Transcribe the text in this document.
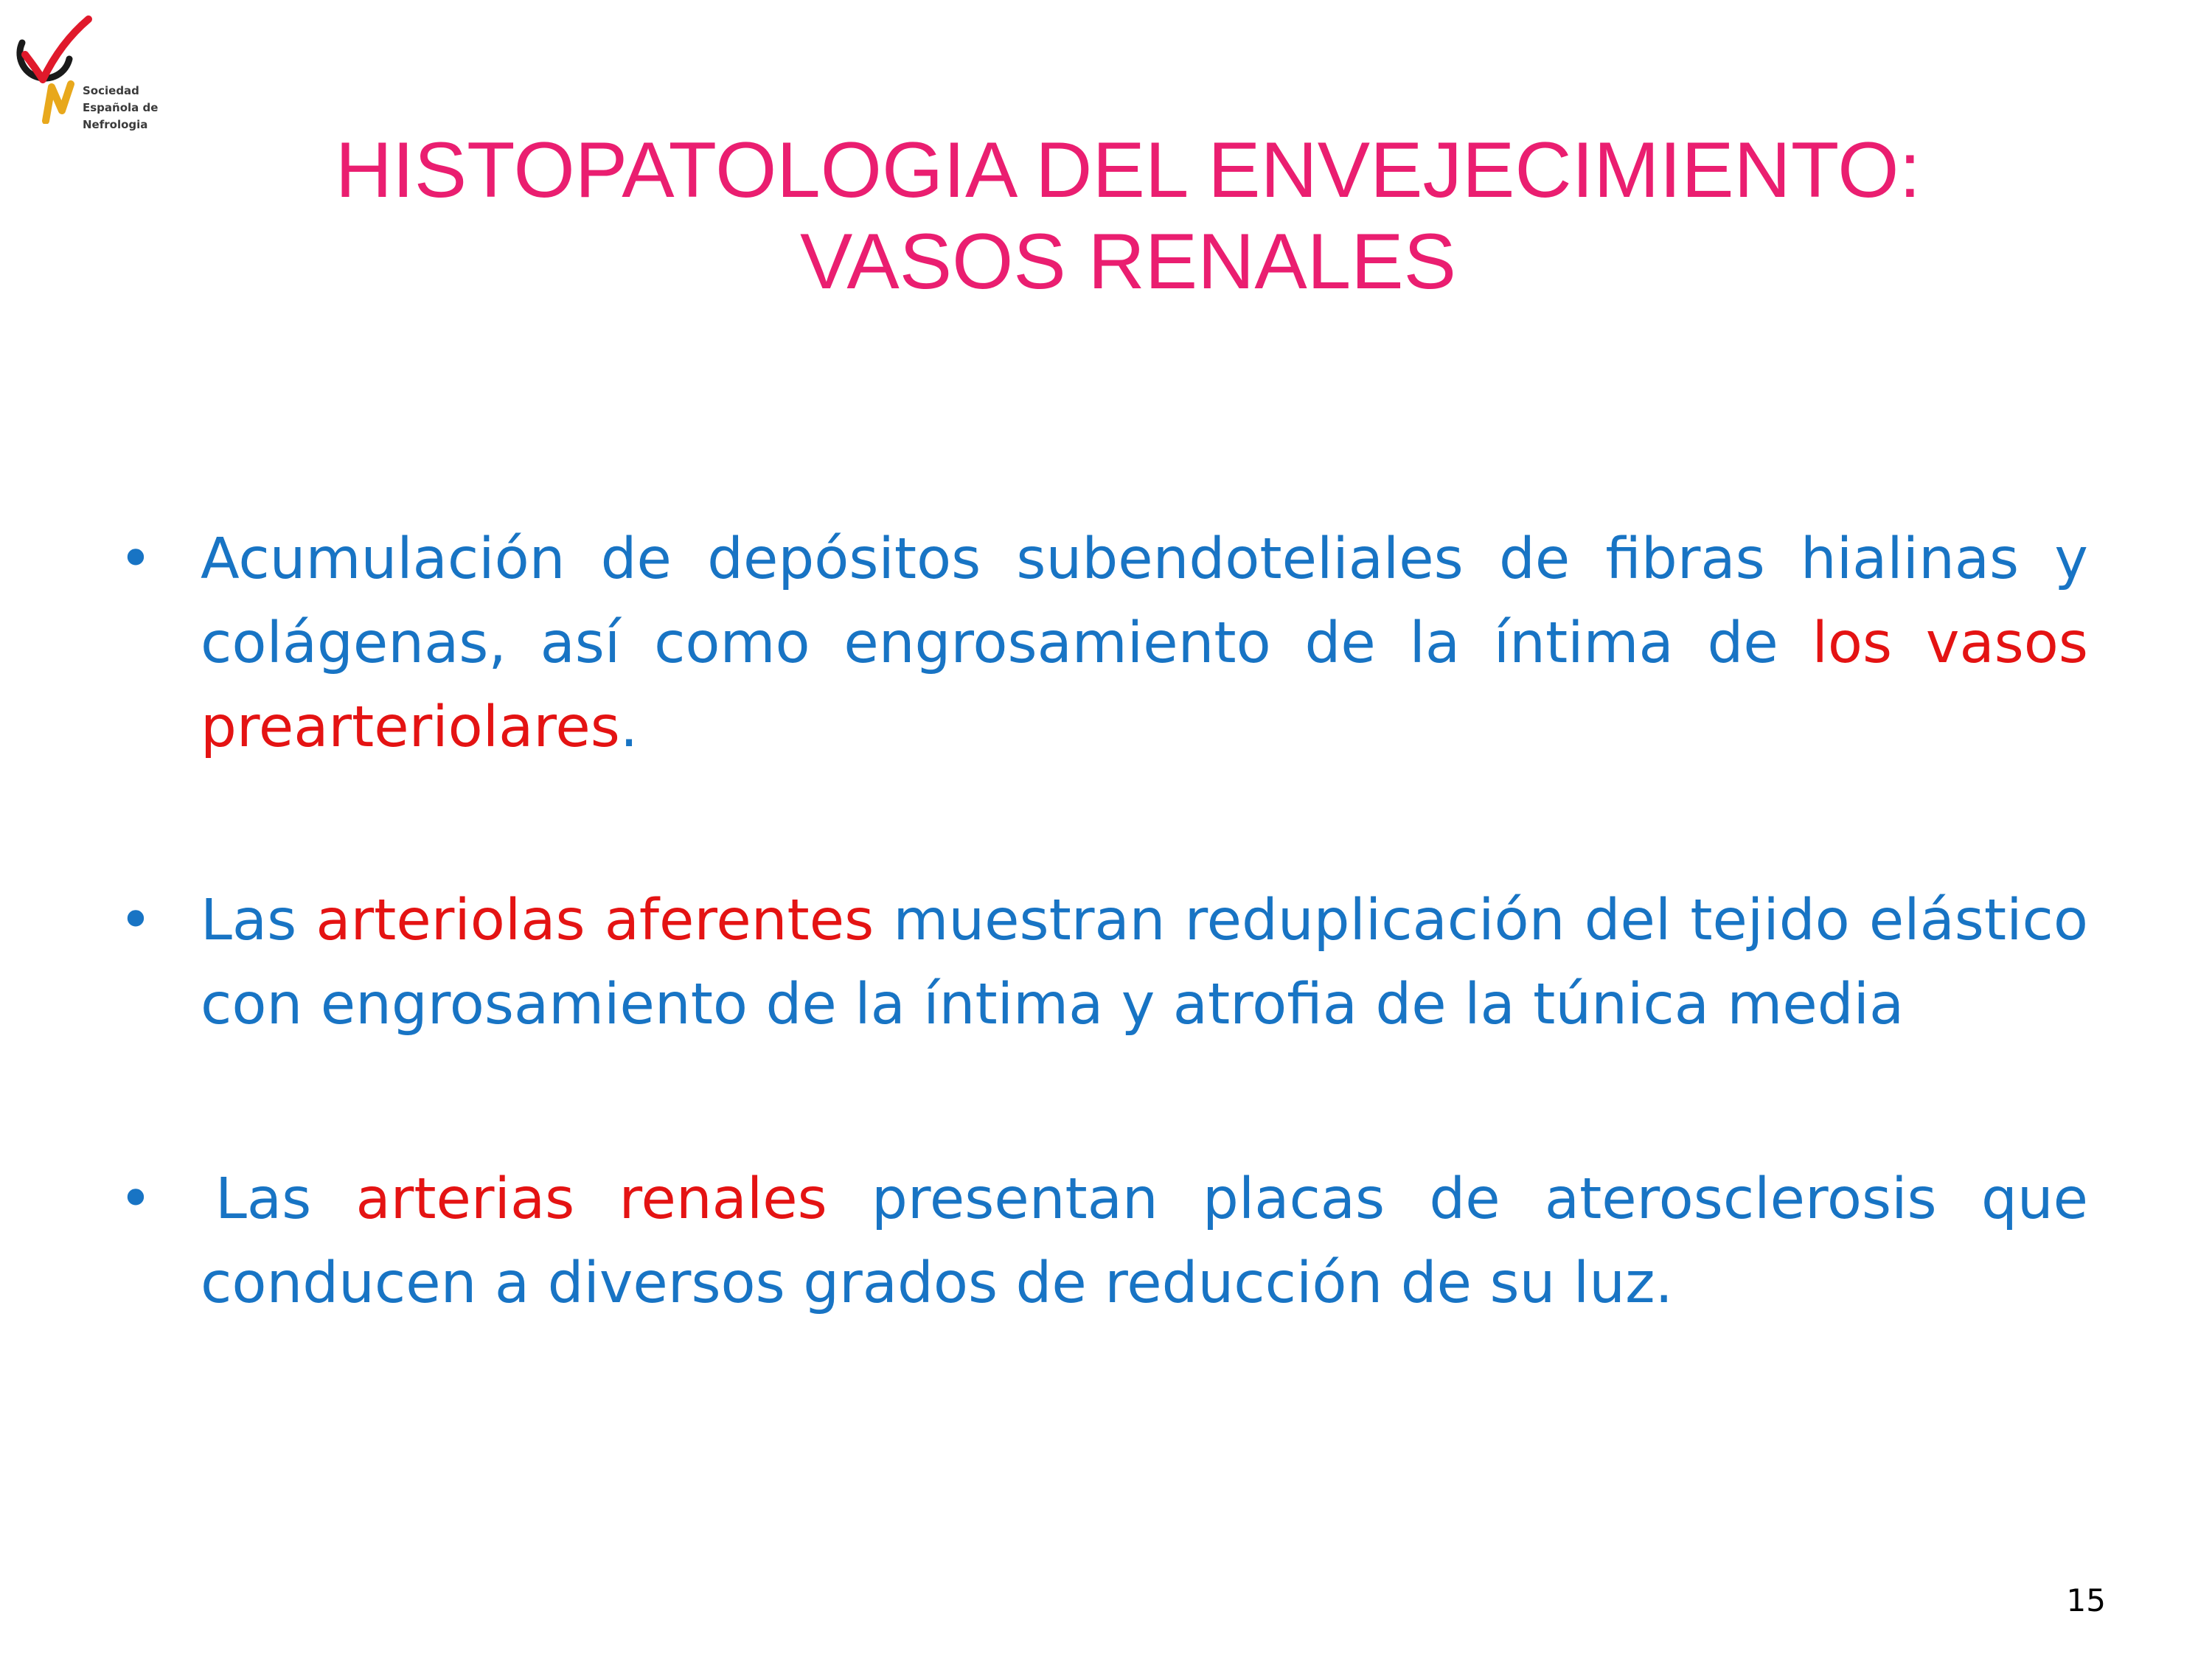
Sociedad
Española de
Nefrologia
HISTOPATOLOGIA DEL ENVEJECIMIENTO:
VASOS RENALES
• Acumulación de depósitos subendoteliales de fibras hialinas y
colágenas, así como engrosamiento de la íntima de los vasos
prearteriolares .
• Las arteriolas aferentes muestran reduplicación del tejido elástico
con engrosamiento de la íntima y atrofia de la túnica media
• Las arterias renales presentan placas de aterosclerosis que
conducen a diversos grados de reducción de su luz.
15
